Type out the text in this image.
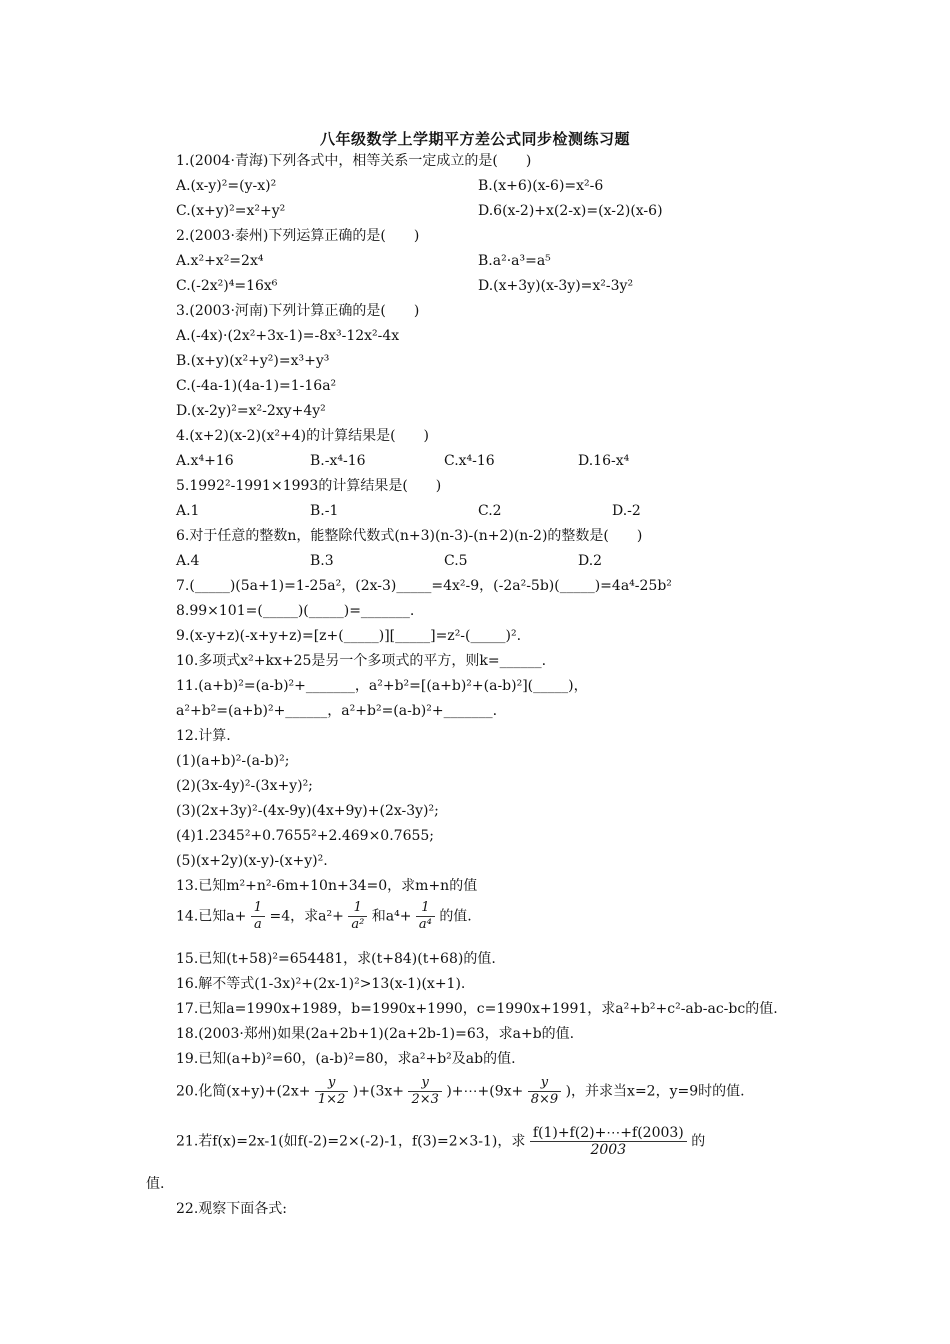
八年级数学上学期平方差公式同步检测练习题
1.(2004·青海)下列各式中，相等关系一定成立的是(　　)
A.(x-y)²=(y-x)²	B.(x+6)(x-6)=x²-6
C.(x+y)²=x²+y²	D.6(x-2)+x(2-x)=(x-2)(x-6)
2.(2003·泰州)下列运算正确的是(　　)
A.x²+x²=2x⁴	B.a²·a³=a⁵
C.(-2x²)⁴=16x⁶	D.(x+3y)(x-3y)=x²-3y²
3.(2003·河南)下列计算正确的是(　　)
A.(-4x)·(2x²+3x-1)=-8x³-12x²-4x
B.(x+y)(x²+y²)=x³+y³
C.(-4a-1)(4a-1)=1-16a²
D.(x-2y)²=x²-2xy+4y²
4.(x+2)(x-2)(x²+4)的计算结果是(　　)
A.x⁴+16	B.-x⁴-16	C.x⁴-16	D.16-x⁴
5.1992²-1991×1993的计算结果是(　　)
A.1	B.-1	C.2	D.-2
6.对于任意的整数n，能整除代数式(n+3)(n-3)-(n+2)(n-2)的整数是(　　)
A.4	B.3	C.5	D.2
7.(_____)(5a+1)=1-25a²，(2x-3)_____=4x²-9，(-2a²-5b)(_____)=4a⁴-25b²
8.99×101=(_____)(_____)=_______.
9.(x-y+z)(-x+y+z)=[z+(_____)][_____]=z²-(_____)².
10.多项式x²+kx+25是另一个多项式的平方，则k=______.
11.(a+b)²=(a-b)²+_______，a²+b²=[(a+b)²+(a-b)²](_____)，
a²+b²=(a+b)²+______，a²+b²=(a-b)²+_______.
12.计算.
(1)(a+b)²-(a-b)²;
(2)(3x-4y)²-(3x+y)²;
(3)(2x+3y)²-(4x-9y)(4x+9y)+(2x-3y)²;
(4)1.2345²+0.7655²+2.469×0.7655;
(5)(x+2y)(x-y)-(x+y)².
13.已知m²+n²-6m+10n+34=0，求m+n的值
14.已知$a+ \frac{1}{a} =4$，求$a^2+ \frac{1}{\text{a²}}$ 和$a^4+ \frac{1}{\text{a⁴}}$ 的值.
15.已知(t+58)²=654481，求(t+84)(t+68)的值.
16.解不等式(1-3x)²+(2x-1)²>13(x-1)(x+1).
17.已知a=1990x+1989，b=1990x+1990，c=1990x+1991，求a²+b²+c²-ab-ac-bc的值.
18.(2003·郑州)如果(2a+2b+1)(2a+2b-1)=63，求a+b的值.
19.已知(a+b)²=60，(a-b)²=80，求a²+b²及ab的值.
20.化简$(x+y)+(2x+ \frac{y}{1\times 2} )+(3x+ \frac{y}{2\times 3}$ )+⋯+(9x+ $\frac{y}{8\times 9}$ )，并求当x=2，y=9时的值.
21.若f(x)=2x-1(如f(-2)=2×(-2)-1，f(3)=2×3-1)，求 $\frac{f(1)+f(2)+\cdots+f(2003)}{2003}$ 的
值.
22.观察下面各式:
